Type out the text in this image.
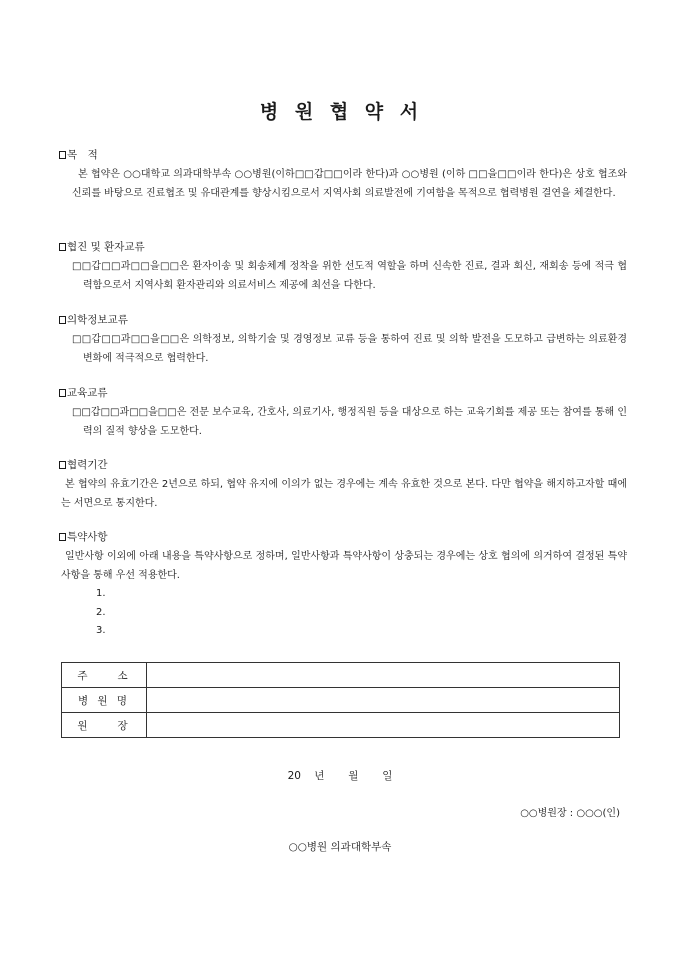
병 원 협 약 서
목　적
본 협약은 ○○대학교 의과대학부속 ○○병원(이하□□갑□□이라 한다)과 ○○병원 (이하 □□을□□이라 한다)은 상호 협조와 신뢰를 바탕으로 진료협조 및 유대관계를 향상시킴으로서 지역사회 의료발전에 기여함을 목적으로 협력병원 결연을 체결한다.
협진 및 환자교류
□□갑□□과□□을□□은 환자이송 및 회송체계 정착을 위한 선도적 역할을 하며 신속한 진료, 결과 회신, 재회송 등에 적극 협력함으로서 지역사회 환자관리와 의료서비스 제공에 최선을 다한다.
의학정보교류
□□갑□□과□□을□□은 의학정보, 의학기술 및 경영정보 교류 등을 통하여 진료 및 의학 발전을 도모하고 급변하는 의료환경 변화에 적극적으로 협력한다.
교육교류
□□갑□□과□□을□□은 전문 보수교육, 간호사, 의료기사, 행정직원 등을 대상으로 하는 교육기회를 제공 또는 참여를 통해 인력의 질적 향상을 도모한다.
협력기간
본 협약의 유효기간은 2년으로 하되, 협약 유지에 이의가 없는 경우에는 계속 유효한 것으로 본다. 다만 협약을 해지하고자할 때에는 서면으로 통지한다.
특약사항
일반사항 이외에 아래 내용을 특약사항으로 정하며, 일반사항과 특약사항이 상충되는 경우에는 상호 협의에 의거하여 결정된 특약사항을 통해 우선 적용한다.
1.
2.
3.
주　　소	
병 원 명	
원　　장	
20 년　 월　 일
○○병원장 : ○○○(인)
○○병원 의과대학부속
